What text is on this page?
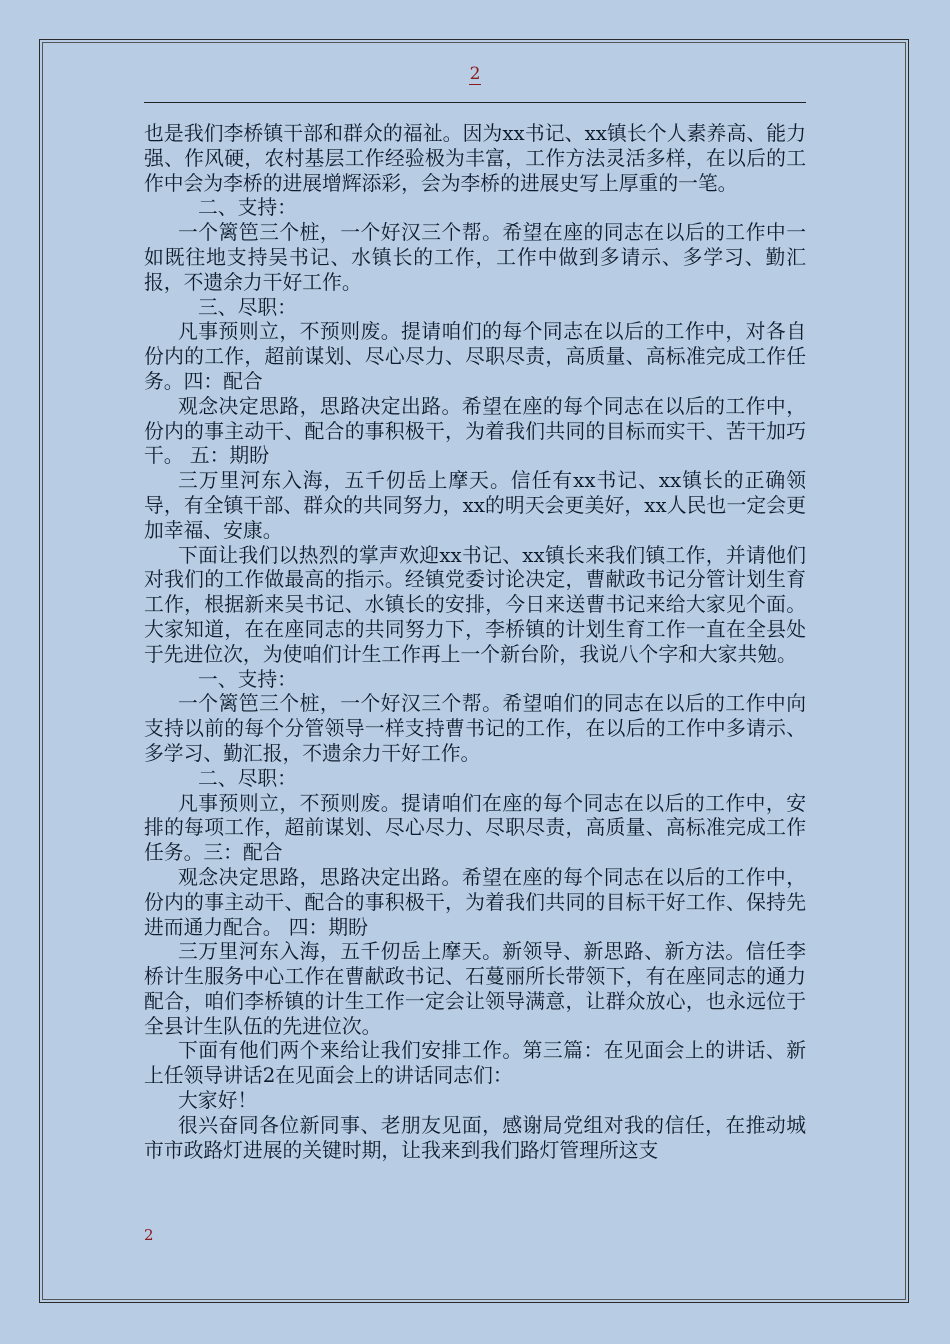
2

也是我们李桥镇干部和群众的福祉。因为xx书记、xx镇长个人素养高、能力强、作风硬，农村基层工作经验极为丰富，工作方法灵活多样，在以后的工作中会为李桥的进展增辉添彩，会为李桥的进展史写上厚重的一笔。

二、支持：

一个篱笆三个桩，一个好汉三个帮。希望在座的同志在以后的工作中一如既往地支持吴书记、水镇长的工作，工作中做到多请示、多学习、勤汇报，不遗余力干好工作。

三、尽职：

凡事预则立，不预则废。提请咱们的每个同志在以后的工作中，对各自份内的工作，超前谋划、尽心尽力、尽职尽责，高质量、高标准完成工作任务。四：配合

观念决定思路，思路决定出路。希望在座的每个同志在以后的工作中，份内的事主动干、配合的事积极干，为着我们共同的目标而实干、苦干加巧干。 五：期盼

三万里河东入海，五千仞岳上摩天。信任有xx书记、xx镇长的正确领导，有全镇干部、群众的共同努力，xx的明天会更美好，xx人民也一定会更加幸福、安康。

下面让我们以热烈的掌声欢迎xx书记、xx镇长来我们镇工作，并请他们对我们的工作做最高的指示。经镇党委讨论决定，曹献政书记分管计划生育工作，根据新来吴书记、水镇长的安排，今日来送曹书记来给大家见个面。大家知道，在在座同志的共同努力下，李桥镇的计划生育工作一直在全县处于先进位次，为使咱们计生工作再上一个新台阶，我说八个字和大家共勉。

一、支持：

一个篱笆三个桩，一个好汉三个帮。希望咱们的同志在以后的工作中向支持以前的每个分管领导一样支持曹书记的工作，在以后的工作中多请示、多学习、勤汇报，不遗余力干好工作。

二、尽职：

凡事预则立，不预则废。提请咱们在座的每个同志在以后的工作中，安排的每项工作，超前谋划、尽心尽力、尽职尽责，高质量、高标准完成工作任务。三：配合

观念决定思路，思路决定出路。希望在座的每个同志在以后的工作中，份内的事主动干、配合的事积极干，为着我们共同的目标干好工作、保持先进而通力配合。 四：期盼

三万里河东入海，五千仞岳上摩天。新领导、新思路、新方法。信任李桥计生服务中心工作在曹献政书记、石蔓丽所长带领下，有在座同志的通力配合，咱们李桥镇的计生工作一定会让领导满意，让群众放心，也永远位于全县计生队伍的先进位次。

下面有他们两个来给让我们安排工作。第三篇：在见面会上的讲话、新上任领导讲话2在见面会上的讲话同志们：

大家好！

很兴奋同各位新同事、老朋友见面，感谢局党组对我的信任，在推动城市市政路灯进展的关键时期，让我来到我们路灯管理所这支

2
